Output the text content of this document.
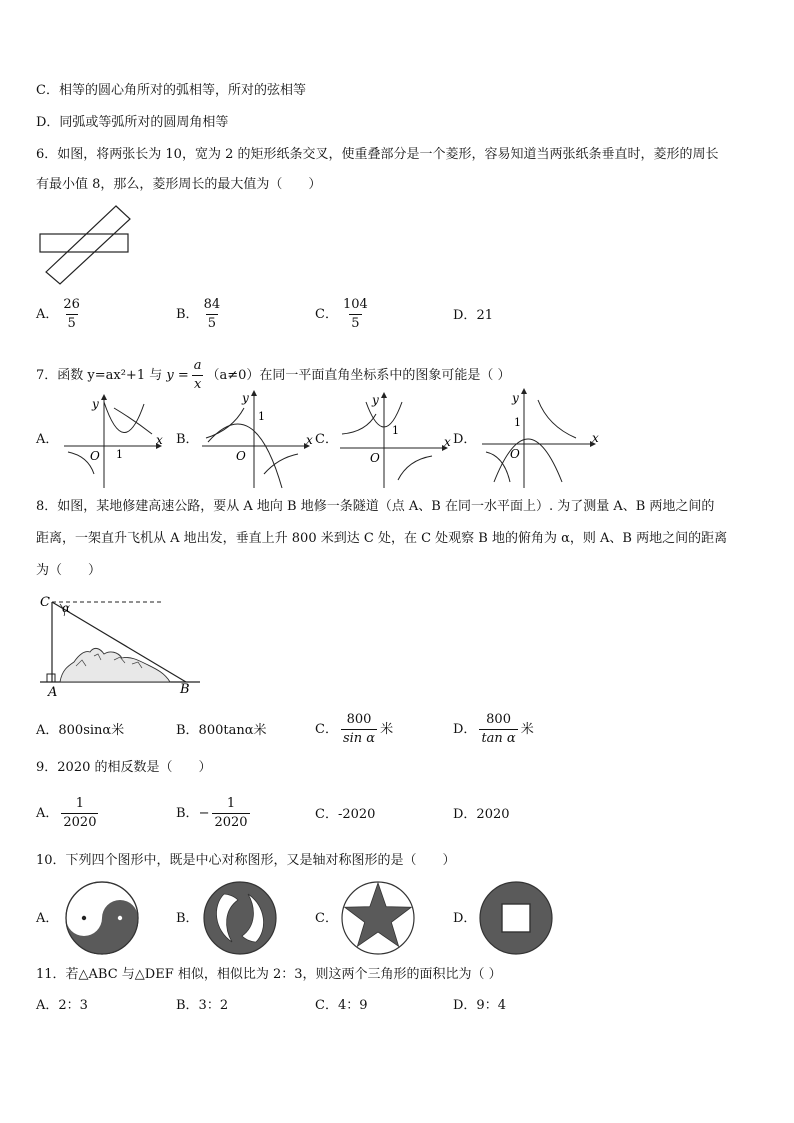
C．相等的圆心角所对的弧相等，所对的弦相等
D．同弧或等弧所对的圆周角相等
6．如图，将两张长为 10，宽为 2 的矩形纸条交叉，使重叠部分是一个菱形，容易知道当两张纸条垂直时，菱形的周长
有最小值 8，那么，菱形周长的最大值为（　　）
A． $\frac{26}{5}$	B． $\frac{84}{5}$	C． $\frac{104}{5}$	D．21
7．函数 y=ax²+1 与 $y = \frac{a}{x} (a\ne 0)$在同一平面直角坐标系中的图象可能是（ ）
A．
y
x
O 1
B．
y
x
O
1
C．
y
x
O
1
D．
y
x
O
1
8．如图，某地修建高速公路，要从 A 地向 B 地修一条隧道（点 A、B 在同一水平面上）. 为了测量 A、B 两地之间的
距离，一架直升飞机从 A 地出发，垂直上升 800 米到达 C 处，在 C 处观察 B 地的俯角为 α，则 A、B 两地之间的距离
为（　　）
C α
A	B
A．800sinα米	B．800tanα米	C． $\frac{800}{\text{sin α}}$ 米	D． $\frac{800}{\text{tan α}}$ 米
9．2020 的相反数是（　　）
A． $\frac{1}{2020}$	B．− $\frac{1}{2020}$	C．-2020	D．2020
10．下列四个图形中，既是中心对称图形，又是轴对称图形的是（　　）
A．	B．	C．	D．
11．若△ABC 与△DEF 相似，相似比为 2：3，则这两个三角形的面积比为（ ）
A．2：3	B．3：2	C．4：9	D．9：4
